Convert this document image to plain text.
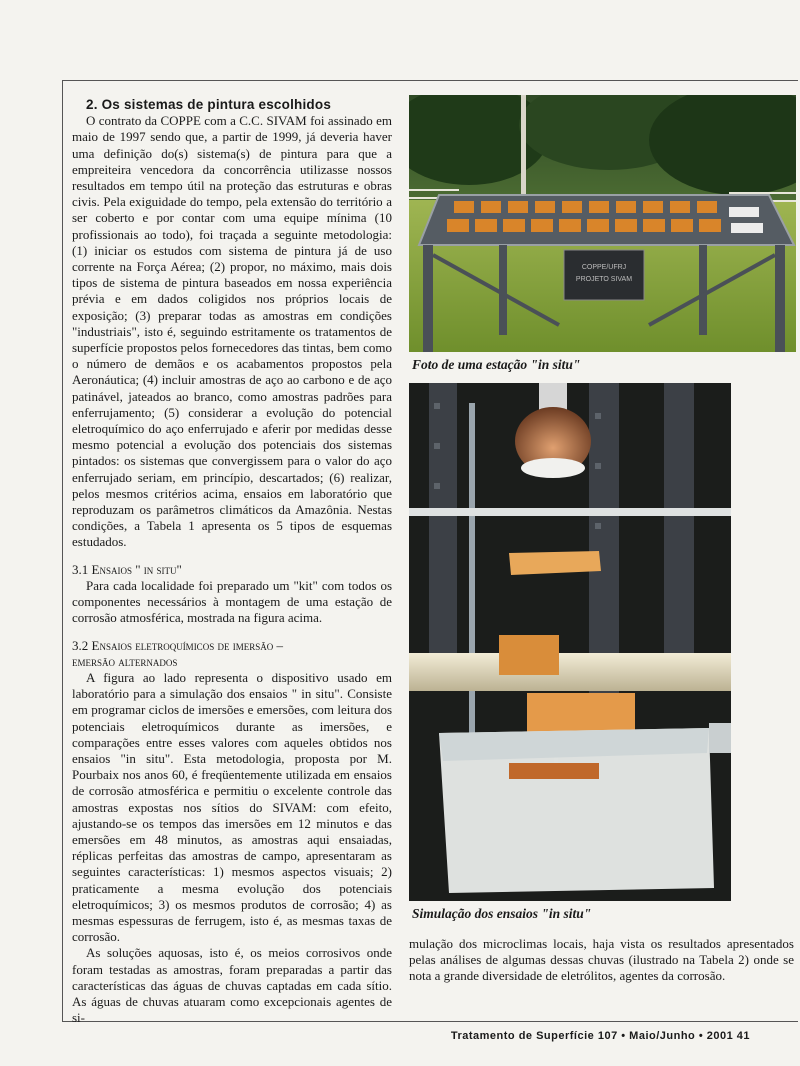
2. Os sistemas de pintura escolhidos

O contrato da COPPE com a C.C. SIVAM foi assinado em maio de 1997 sendo que, a partir de 1999, já deveria haver uma definição do(s) sistema(s) de pintura para que a empreiteira vencedora da concorrência utilizasse nossos resultados em tempo útil na proteção das estruturas e obras civis. Pela exiguidade do tempo, pela extensão do território a ser coberto e por contar com uma equipe mínima (10 profissionais ao todo), foi traçada a seguinte metodologia: (1) iniciar os estudos com sistema de pintura já de uso corrente na Força Aérea; (2) propor, no máximo, mais dois tipos de sistema de pintura baseados em nossa experiência prévia e em dados coligidos nos próprios locais de exposição; (3) preparar todas as amostras em condições "industriais", isto é, seguindo estritamente os tratamentos de superfície propostos pelos fornecedores das tintas, bem como o número de demãos e os acabamentos propostos pela Aeronáutica; (4) incluir amostras de aço ao carbono e de aço patinável, jateados ao branco, como amostras padrões para enferrujamento; (5) considerar a evolução do potencial eletroquímico do aço enferrujado e aferir por medidas desse mesmo potencial a evolução dos potenciais dos sistemas pintados: os sistemas que convergissem para o valor do aço enferrujado seriam, em princípio, descartados; (6) realizar, pelos mesmos critérios acima, ensaios em laboratório que reproduzam os parâmetros climáticos da Amazônia. Nestas condições, a Tabela 1 apresenta os 5 tipos de esquemas estudados.

3.1 Ensaios " in situ"

Para cada localidade foi preparado um "kit" com todos os componentes necessários à montagem de uma estação de corrosão atmosférica, mostrada na figura acima.

3.2 Ensaios eletroquímicos de imersão –
emersão alternados

A figura ao lado representa o dispositivo usado em laboratório para a simulação dos ensaios " in situ". Consiste em programar ciclos de imersões e emersões, com leitura dos potenciais eletroquímicos durante as imersões, e comparações entre esses valores com aqueles obtidos nos ensaios "in situ". Esta metodologia, proposta por M. Pourbaix nos anos 60, é freqüentemente utilizada em ensaios de corrosão atmosférica e permitiu o excelente controle das amostras expostas nos sítios do SIVAM: com efeito, ajustando-se os tempos das imersões em 12 minutos e das emersões em 48 minutos, as amostras aqui ensaiadas, réplicas perfeitas das amostras de campo, apresentaram as seguintes características: 1) mesmos aspectos visuais; 2) praticamente a mesma evolução dos potenciais eletroquímicos; 3) os mesmos produtos de corrosão; 4) as mesmas espessuras de ferrugem, isto é, as mesmas taxas de corrosão.

As soluções aquosas, isto é, os meios corrosivos onde foram testadas as amostras, foram preparadas a partir das características das águas de chuvas captadas em cada sítio. As águas de chuvas atuaram como excepcionais agentes de si-

COPPE/UFRJ
PROJETO SIVAM
Foto de uma estação "in situ"
Simulação dos ensaios "in situ"

mulação dos microclimas locais, haja vista os resultados apresentados pelas análises de algumas dessas chuvas (ilustrado na Tabela 2) onde se nota a grande diversidade de eletrólitos, agentes da corrosão.

Tratamento de Superfície 107 • Maio/Junho • 2001 41
